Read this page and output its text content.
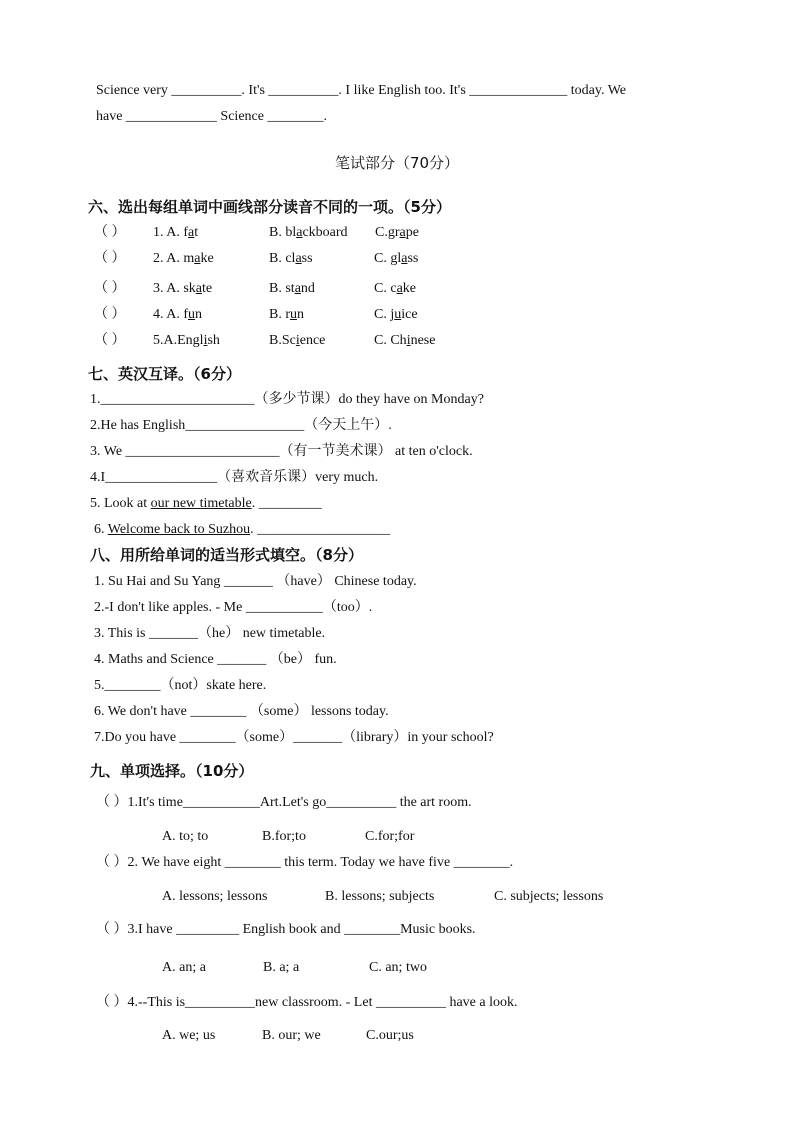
Science very __________. It's __________. I like English too. It's ______________ today. We
have _____________ Science ________.
笔试部分（70分）
六、选出每组单词中画线部分读音不同的一项。（5分）
（ ） 1. A. fat	B. blackboard C.grape
（ ） 2. A. make	B. class	C. glass
（ ） 3. A. skate	B. stand	C. cake
（ ） 4. A. fun	B. run	C. juice
（ ） 5.A.English	B.Science	C. Chinese
七、英汉互译。（6分）
1.______________________（多少节课）do they have on Monday?
2.He has English_________________（今天上午）.
3. We ______________________（有一节美术课） at ten o'clock.
4.I________________（喜欢音乐课）very much.
5. Look at our new timetable. _________
6. Welcome back to Suzhou. ___________________
八、用所给单词的适当形式填空。（8分）
1. Su Hai and Su Yang _______ （have） Chinese today.
2.-I don't like apples. - Me ___________（too）.
3. This is _______（he） new timetable.
4. Maths and Science _______ （be） fun.
5.________（not）skate here.
6. We don't have ________ （some） lessons today.
7.Do you have ________（some）_______（library）in your school?
九、单项选择。（10分）
（ ）1.It's time___________Art.Let's go__________ the art room.
A. to; to	B.for;to	C.for;for
（ ）2. We have eight ________ this term. Today we have five ________.
A. lessons; lessons	B. lessons; subjects	C. subjects; lessons
（ ）3.I have _________ English book and ________Music books.
A. an; a	B. a; a	C. an; two
（ ）4.--This is__________new classroom. - Let __________ have a look.
A. we; us	B. our; we	C.our;us
